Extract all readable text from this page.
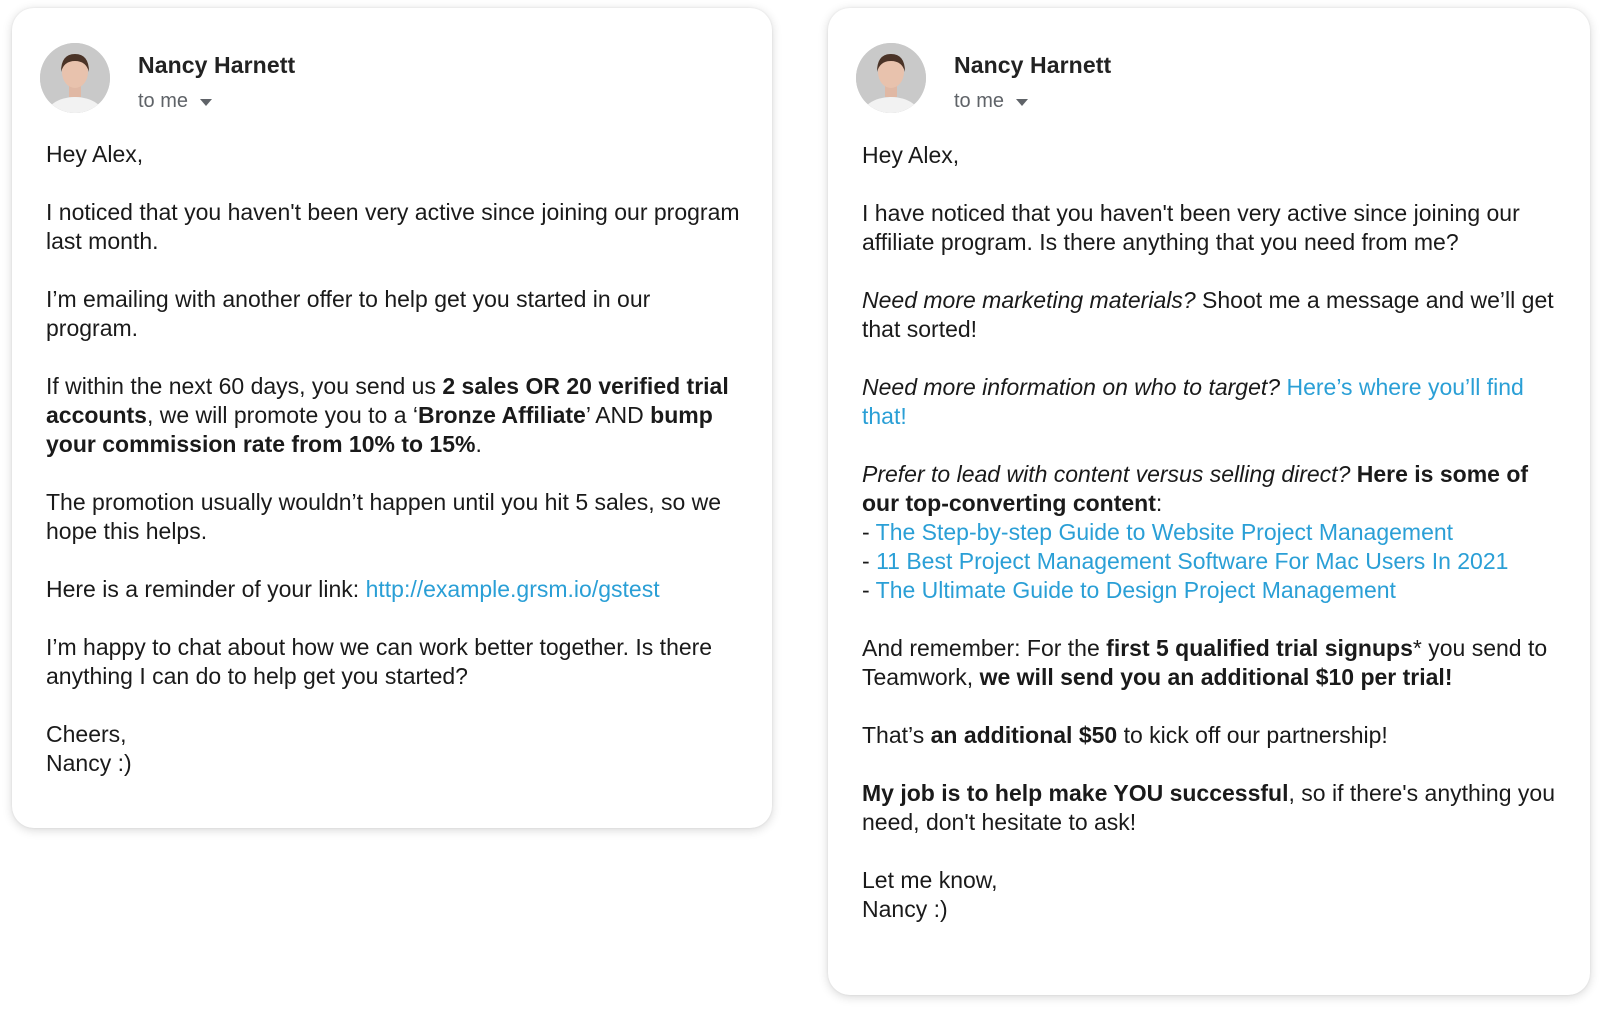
Nancy Harnett
to me

Hey Alex,

I noticed that you haven't been very active since joining our program last month.

I’m emailing with another offer to help get you started in our program.

If within the next 60 days, you send us 2 sales OR 20 verified trial accounts, we will promote you to a ‘Bronze Affiliate’ AND bump your commission rate from 10% to 15%.

The promotion usually wouldn’t happen until you hit 5 sales, so we hope this helps.

Here is a reminder of your link: http://example.grsm.io/gstest

I’m happy to chat about how we can work better together. Is there anything I can do to help get you started?

Cheers,
Nancy :)

Nancy Harnett
to me

Hey Alex,

I have noticed that you haven't been very active since joining our affiliate program. Is there anything that you need from me?

Need more marketing materials? Shoot me a message and we’ll get that sorted!

Need more information on who to target? Here’s where you’ll find that!

Prefer to lead with content versus selling direct? Here is some of our top-converting content:
- The Step-by-step Guide to Website Project Management
- 11 Best Project Management Software For Mac Users In 2021
- The Ultimate Guide to Design Project Management

And remember: For the first 5 qualified trial signups* you send to Teamwork, we will send you an additional $10 per trial!

That’s an additional $50 to kick off our partnership!

My job is to help make YOU successful, so if there's anything you need, don't hesitate to ask!

Let me know,
Nancy :)
